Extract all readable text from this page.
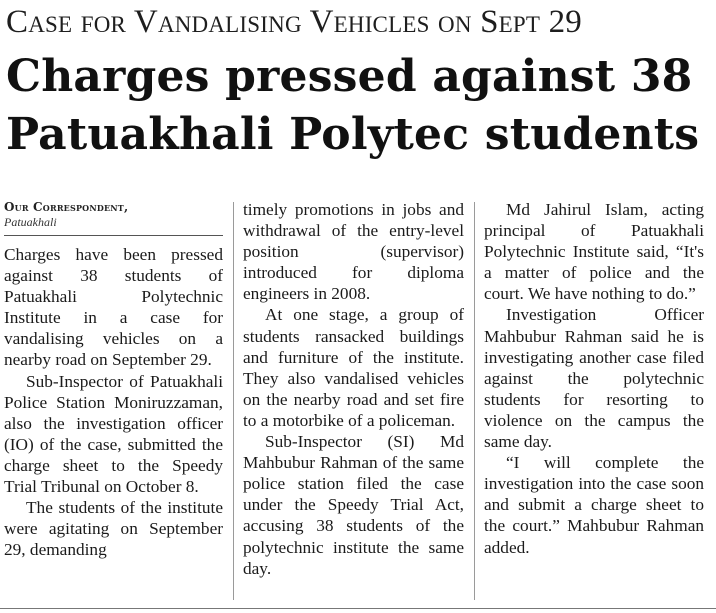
Case for Vandalising Vehicles on Sept 29
Charges pressed against 38
Patuakhali Polytec students
Our Correspondent,
Patuakhali

Charges have been pressed against 38 students of Patuakhali Polytechnic Institute in a case for vandalising vehicles on a nearby road on September 29.

Sub-Inspector of Patuakhali Police Station Moniruzzaman, also the investigation officer (IO) of the case, submitted the charge sheet to the Speedy Trial Tribunal on October 8.

The students of the institute were agitating on September 29, demanding

timely promotions in jobs and withdrawal of the entry-level position (supervisor) introduced for diploma engineers in 2008.

At one stage, a group of students ransacked buildings and furniture of the institute. They also vandalised vehicles on the nearby road and set fire to a motorbike of a policeman.

Sub-Inspector (SI) Md Mahbubur Rahman of the same police station filed the case under the Speedy Trial Act, accusing 38 students of the polytechnic institute the same day.

Md Jahirul Islam, acting principal of Patuakhali Polytechnic Institute said, “It's a matter of police and the court. We have nothing to do.”

Investigation Officer Mahbubur Rahman said he is investigating another case filed against the polytechnic students for resorting to violence on the campus the same day.

“I will complete the investigation into the case soon and submit a charge sheet to the court.” Mahbubur Rahman added.
